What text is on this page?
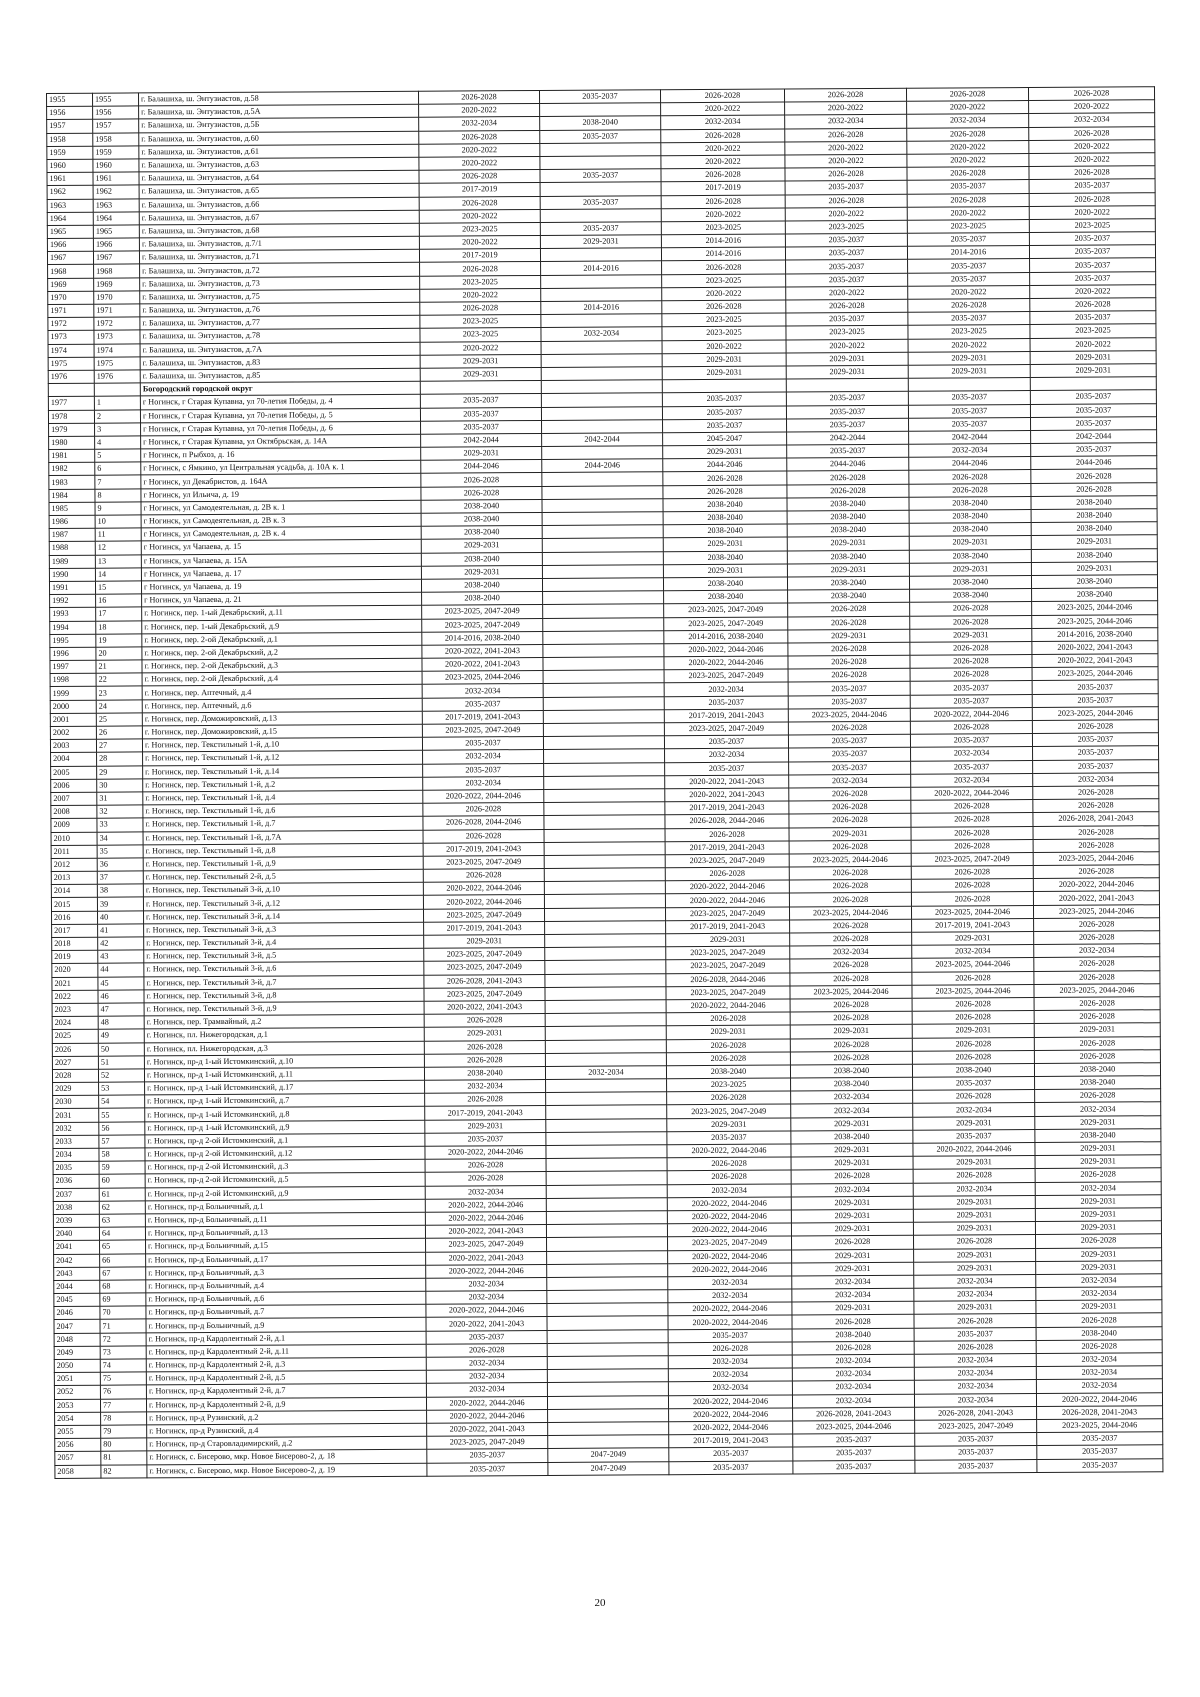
1955	1955	г. Балашиха, ш. Энтузиастов, д.58	2026-2028	2035-2037	2026-2028	2026-2028	2026-2028	2026-2028
1956	1956	г. Балашиха, ш. Энтузиастов, д.5А	2020-2022		2020-2022	2020-2022	2020-2022	2020-2022
1957	1957	г. Балашиха, ш. Энтузиастов, д.5Б	2032-2034	2038-2040	2032-2034	2032-2034	2032-2034	2032-2034
1958	1958	г. Балашиха, ш. Энтузиастов, д.60	2026-2028	2035-2037	2026-2028	2026-2028	2026-2028	2026-2028
1959	1959	г. Балашиха, ш. Энтузиастов, д.61	2020-2022		2020-2022	2020-2022	2020-2022	2020-2022
1960	1960	г. Балашиха, ш. Энтузиастов, д.63	2020-2022		2020-2022	2020-2022	2020-2022	2020-2022
1961	1961	г. Балашиха, ш. Энтузиастов, д.64	2026-2028	2035-2037	2026-2028	2026-2028	2026-2028	2026-2028
1962	1962	г. Балашиха, ш. Энтузиастов, д.65	2017-2019		2017-2019	2035-2037	2035-2037	2035-2037
1963	1963	г. Балашиха, ш. Энтузиастов, д.66	2026-2028	2035-2037	2026-2028	2026-2028	2026-2028	2026-2028
1964	1964	г. Балашиха, ш. Энтузиастов, д.67	2020-2022		2020-2022	2020-2022	2020-2022	2020-2022
1965	1965	г. Балашиха, ш. Энтузиастов, д.68	2023-2025	2035-2037	2023-2025	2023-2025	2023-2025	2023-2025
1966	1966	г. Балашиха, ш. Энтузиастов, д.7/1	2020-2022	2029-2031	2014-2016	2035-2037	2035-2037	2035-2037
1967	1967	г. Балашиха, ш. Энтузиастов, д.71	2017-2019		2014-2016	2035-2037	2014-2016	2035-2037
1968	1968	г. Балашиха, ш. Энтузиастов, д.72	2026-2028	2014-2016	2026-2028	2035-2037	2035-2037	2035-2037
1969	1969	г. Балашиха, ш. Энтузиастов, д.73	2023-2025		2023-2025	2035-2037	2035-2037	2035-2037
1970	1970	г. Балашиха, ш. Энтузиастов, д.75	2020-2022		2020-2022	2020-2022	2020-2022	2020-2022
1971	1971	г. Балашиха, ш. Энтузиастов, д.76	2026-2028	2014-2016	2026-2028	2026-2028	2026-2028	2026-2028
1972	1972	г. Балашиха, ш. Энтузиастов, д.77	2023-2025		2023-2025	2035-2037	2035-2037	2035-2037
1973	1973	г. Балашиха, ш. Энтузиастов, д.78	2023-2025	2032-2034	2023-2025	2023-2025	2023-2025	2023-2025
1974	1974	г. Балашиха, ш. Энтузиастов, д.7А	2020-2022		2020-2022	2020-2022	2020-2022	2020-2022
1975	1975	г. Балашиха, ш. Энтузиастов, д.83	2029-2031		2029-2031	2029-2031	2029-2031	2029-2031
1976	1976	г. Балашиха, ш. Энтузиастов, д.85	2029-2031		2029-2031	2029-2031	2029-2031	2029-2031
		Богородский городской округ						
1977	1	г Ногинск, г Старая Купавна, ул 70-летия Победы, д. 4	2035-2037		2035-2037	2035-2037	2035-2037	2035-2037
1978	2	г Ногинск, г Старая Купавна, ул 70-летия Победы, д. 5	2035-2037		2035-2037	2035-2037	2035-2037	2035-2037
1979	3	г Ногинск, г Старая Купавна, ул 70-летия Победы, д. 6	2035-2037		2035-2037	2035-2037	2035-2037	2035-2037
1980	4	г Ногинск, г Старая Купавна, ул Октябрьская, д. 14А	2042-2044	2042-2044	2045-2047	2042-2044	2042-2044	2042-2044
1981	5	г Ногинск, п Рыбхоз, д. 16	2029-2031		2029-2031	2035-2037	2032-2034	2035-2037
1982	6	г Ногинск, с Ямкино, ул Центральная усадьба, д. 10А к. 1	2044-2046	2044-2046	2044-2046	2044-2046	2044-2046	2044-2046
1983	7	г Ногинск, ул Декабристов, д. 164А	2026-2028		2026-2028	2026-2028	2026-2028	2026-2028
1984	8	г Ногинск, ул Ильича, д. 19	2026-2028		2026-2028	2026-2028	2026-2028	2026-2028
1985	9	г Ногинск, ул Самодеятельная, д. 2В к. 1	2038-2040		2038-2040	2038-2040	2038-2040	2038-2040
1986	10	г Ногинск, ул Самодеятельная, д. 2В к. 3	2038-2040		2038-2040	2038-2040	2038-2040	2038-2040
1987	11	г Ногинск, ул Самодеятельная, д. 2В к. 4	2038-2040		2038-2040	2038-2040	2038-2040	2038-2040
1988	12	г Ногинск, ул Чапаева, д. 15	2029-2031		2029-2031	2029-2031	2029-2031	2029-2031
1989	13	г Ногинск, ул Чапаева, д. 15А	2038-2040		2038-2040	2038-2040	2038-2040	2038-2040
1990	14	г Ногинск, ул Чапаева, д. 17	2029-2031		2029-2031	2029-2031	2029-2031	2029-2031
1991	15	г Ногинск, ул Чапаева, д. 19	2038-2040		2038-2040	2038-2040	2038-2040	2038-2040
1992	16	г Ногинск, ул Чапаева, д. 21	2038-2040		2038-2040	2038-2040	2038-2040	2038-2040
1993	17	г. Ногинск, пер. 1-ый Декабрьский, д.11	2023-2025, 2047-2049		2023-2025, 2047-2049	2026-2028	2026-2028	2023-2025, 2044-2046
1994	18	г. Ногинск, пер. 1-ый Декабрьский, д.9	2023-2025, 2047-2049		2023-2025, 2047-2049	2026-2028	2026-2028	2023-2025, 2044-2046
1995	19	г. Ногинск, пер. 2-ой Декабрьский, д.1	2014-2016, 2038-2040		2014-2016, 2038-2040	2029-2031	2029-2031	2014-2016, 2038-2040
1996	20	г. Ногинск, пер. 2-ой Декабрьский, д.2	2020-2022, 2041-2043		2020-2022, 2044-2046	2026-2028	2026-2028	2020-2022, 2041-2043
1997	21	г. Ногинск, пер. 2-ой Декабрьский, д.3	2020-2022, 2041-2043		2020-2022, 2044-2046	2026-2028	2026-2028	2020-2022, 2041-2043
1998	22	г. Ногинск, пер. 2-ой Декабрьский, д.4	2023-2025, 2044-2046		2023-2025, 2047-2049	2026-2028	2026-2028	2023-2025, 2044-2046
1999	23	г. Ногинск, пер. Аптечный, д.4	2032-2034		2032-2034	2035-2037	2035-2037	2035-2037
2000	24	г. Ногинск, пер. Аптечный, д.6	2035-2037		2035-2037	2035-2037	2035-2037	2035-2037
2001	25	г. Ногинск, пер. Доможировский, д.13	2017-2019, 2041-2043		2017-2019, 2041-2043	2023-2025, 2044-2046	2020-2022, 2044-2046	2023-2025, 2044-2046
2002	26	г. Ногинск, пер. Доможировский, д.15	2023-2025, 2047-2049		2023-2025, 2047-2049	2026-2028	2026-2028	2026-2028
2003	27	г. Ногинск, пер. Текстильный 1-й, д.10	2035-2037		2035-2037	2035-2037	2035-2037	2035-2037
2004	28	г. Ногинск, пер. Текстильный 1-й, д.12	2032-2034		2032-2034	2035-2037	2032-2034	2035-2037
2005	29	г. Ногинск, пер. Текстильный 1-й, д.14	2035-2037		2035-2037	2035-2037	2035-2037	2035-2037
2006	30	г. Ногинск, пер. Текстильный 1-й, д.2	2032-2034		2020-2022, 2041-2043	2032-2034	2032-2034	2032-2034
2007	31	г. Ногинск, пер. Текстильный 1-й, д.4	2020-2022, 2044-2046		2020-2022, 2041-2043	2026-2028	2020-2022, 2044-2046	2026-2028
2008	32	г. Ногинск, пер. Текстильный 1-й, д.6	2026-2028		2017-2019, 2041-2043	2026-2028	2026-2028	2026-2028
2009	33	г. Ногинск, пер. Текстильный 1-й, д.7	2026-2028, 2044-2046		2026-2028, 2044-2046	2026-2028	2026-2028	2026-2028, 2041-2043
2010	34	г. Ногинск, пер. Текстильный 1-й, д.7А	2026-2028		2026-2028	2029-2031	2026-2028	2026-2028
2011	35	г. Ногинск, пер. Текстильный 1-й, д.8	2017-2019, 2041-2043		2017-2019, 2041-2043	2026-2028	2026-2028	2026-2028
2012	36	г. Ногинск, пер. Текстильный 1-й, д.9	2023-2025, 2047-2049		2023-2025, 2047-2049	2023-2025, 2044-2046	2023-2025, 2047-2049	2023-2025, 2044-2046
2013	37	г. Ногинск, пер. Текстильный 2-й, д.5	2026-2028		2026-2028	2026-2028	2026-2028	2026-2028
2014	38	г. Ногинск, пер. Текстильный 3-й, д.10	2020-2022, 2044-2046		2020-2022, 2044-2046	2026-2028	2026-2028	2020-2022, 2044-2046
2015	39	г. Ногинск, пер. Текстильный 3-й, д.12	2020-2022, 2044-2046		2020-2022, 2044-2046	2026-2028	2026-2028	2020-2022, 2041-2043
2016	40	г. Ногинск, пер. Текстильный 3-й, д.14	2023-2025, 2047-2049		2023-2025, 2047-2049	2023-2025, 2044-2046	2023-2025, 2044-2046	2023-2025, 2044-2046
2017	41	г. Ногинск, пер. Текстильный 3-й, д.3	2017-2019, 2041-2043		2017-2019, 2041-2043	2026-2028	2017-2019, 2041-2043	2026-2028
2018	42	г. Ногинск, пер. Текстильный 3-й, д.4	2029-2031		2029-2031	2026-2028	2029-2031	2026-2028
2019	43	г. Ногинск, пер. Текстильный 3-й, д.5	2023-2025, 2047-2049		2023-2025, 2047-2049	2032-2034	2032-2034	2032-2034
2020	44	г. Ногинск, пер. Текстильный 3-й, д.6	2023-2025, 2047-2049		2023-2025, 2047-2049	2026-2028	2023-2025, 2044-2046	2026-2028
2021	45	г. Ногинск, пер. Текстильный 3-й, д.7	2026-2028, 2041-2043		2026-2028, 2044-2046	2026-2028	2026-2028	2026-2028
2022	46	г. Ногинск, пер. Текстильный 3-й, д.8	2023-2025, 2047-2049		2023-2025, 2047-2049	2023-2025, 2044-2046	2023-2025, 2044-2046	2023-2025, 2044-2046
2023	47	г. Ногинск, пер. Текстильный 3-й, д.9	2020-2022, 2041-2043		2020-2022, 2044-2046	2026-2028	2026-2028	2026-2028
2024	48	г. Ногинск, пер. Трамвайный, д.2	2026-2028		2026-2028	2026-2028	2026-2028	2026-2028
2025	49	г. Ногинск, пл. Нижегородская, д.1	2029-2031		2029-2031	2029-2031	2029-2031	2029-2031
2026	50	г. Ногинск, пл. Нижегородская, д.3	2026-2028		2026-2028	2026-2028	2026-2028	2026-2028
2027	51	г. Ногинск, пр-д 1-ый Истомкинский, д.10	2026-2028		2026-2028	2026-2028	2026-2028	2026-2028
2028	52	г. Ногинск, пр-д 1-ый Истомкинский, д.11	2038-2040	2032-2034	2038-2040	2038-2040	2038-2040	2038-2040
2029	53	г. Ногинск, пр-д 1-ый Истомкинский, д.17	2032-2034		2023-2025	2038-2040	2035-2037	2038-2040
2030	54	г. Ногинск, пр-д 1-ый Истомкинский, д.7	2026-2028		2026-2028	2032-2034	2026-2028	2026-2028
2031	55	г. Ногинск, пр-д 1-ый Истомкинский, д.8	2017-2019, 2041-2043		2023-2025, 2047-2049	2032-2034	2032-2034	2032-2034
2032	56	г. Ногинск, пр-д 1-ый Истомкинский, д.9	2029-2031		2029-2031	2029-2031	2029-2031	2029-2031
2033	57	г. Ногинск, пр-д 2-ой Истомкинский, д.1	2035-2037		2035-2037	2038-2040	2035-2037	2038-2040
2034	58	г. Ногинск, пр-д 2-ой Истомкинский, д.12	2020-2022, 2044-2046		2020-2022, 2044-2046	2029-2031	2020-2022, 2044-2046	2029-2031
2035	59	г. Ногинск, пр-д 2-ой Истомкинский, д.3	2026-2028		2026-2028	2029-2031	2029-2031	2029-2031
2036	60	г. Ногинск, пр-д 2-ой Истомкинский, д.5	2026-2028		2026-2028	2026-2028	2026-2028	2026-2028
2037	61	г. Ногинск, пр-д 2-ой Истомкинский, д.9	2032-2034		2032-2034	2032-2034	2032-2034	2032-2034
2038	62	г. Ногинск, пр-д Больничный, д.1	2020-2022, 2044-2046		2020-2022, 2044-2046	2029-2031	2029-2031	2029-2031
2039	63	г. Ногинск, пр-д Больничный, д.11	2020-2022, 2044-2046		2020-2022, 2044-2046	2029-2031	2029-2031	2029-2031
2040	64	г. Ногинск, пр-д Больничный, д.13	2020-2022, 2041-2043		2020-2022, 2044-2046	2029-2031	2029-2031	2029-2031
2041	65	г. Ногинск, пр-д Больничный, д.15	2023-2025, 2047-2049		2023-2025, 2047-2049	2026-2028	2026-2028	2026-2028
2042	66	г. Ногинск, пр-д Больничный, д.17	2020-2022, 2041-2043		2020-2022, 2044-2046	2029-2031	2029-2031	2029-2031
2043	67	г. Ногинск, пр-д Больничный, д.3	2020-2022, 2044-2046		2020-2022, 2044-2046	2029-2031	2029-2031	2029-2031
2044	68	г. Ногинск, пр-д Больничный, д.4	2032-2034		2032-2034	2032-2034	2032-2034	2032-2034
2045	69	г. Ногинск, пр-д Больничный, д.6	2032-2034		2032-2034	2032-2034	2032-2034	2032-2034
2046	70	г. Ногинск, пр-д Больничный, д.7	2020-2022, 2044-2046		2020-2022, 2044-2046	2029-2031	2029-2031	2029-2031
2047	71	г. Ногинск, пр-д Больничный, д.9	2020-2022, 2041-2043		2020-2022, 2044-2046	2026-2028	2026-2028	2026-2028
2048	72	г. Ногинск, пр-д Кардолентный 2-й, д.1	2035-2037		2035-2037	2038-2040	2035-2037	2038-2040
2049	73	г. Ногинск, пр-д Кардолентный 2-й, д.11	2026-2028		2026-2028	2026-2028	2026-2028	2026-2028
2050	74	г. Ногинск, пр-д Кардолентный 2-й, д.3	2032-2034		2032-2034	2032-2034	2032-2034	2032-2034
2051	75	г. Ногинск, пр-д Кардолентный 2-й, д.5	2032-2034		2032-2034	2032-2034	2032-2034	2032-2034
2052	76	г. Ногинск, пр-д Кардолентный 2-й, д.7	2032-2034		2032-2034	2032-2034	2032-2034	2032-2034
2053	77	г. Ногинск, пр-д Кардолентный 2-й, д.9	2020-2022, 2044-2046		2020-2022, 2044-2046	2032-2034	2032-2034	2020-2022, 2044-2046
2054	78	г. Ногинск, пр-д Рузинский, д.2	2020-2022, 2044-2046		2020-2022, 2044-2046	2026-2028, 2041-2043	2026-2028, 2041-2043	2026-2028, 2041-2043
2055	79	г. Ногинск, пр-д Рузинский, д.4	2020-2022, 2041-2043		2020-2022, 2044-2046	2023-2025, 2044-2046	2023-2025, 2047-2049	2023-2025, 2044-2046
2056	80	г. Ногинск, пр-д Старовладимирский, д.2	2023-2025, 2047-2049		2017-2019, 2041-2043	2035-2037	2035-2037	2035-2037
2057	81	г. Ногинск, с. Бисерово, мкр. Новое Бисерово-2, д. 18	2035-2037	2047-2049	2035-2037	2035-2037	2035-2037	2035-2037
2058	82	г. Ногинск, с. Бисерово, мкр. Новое Бисерово-2, д. 19	2035-2037	2047-2049	2035-2037	2035-2037	2035-2037	2035-2037
20
